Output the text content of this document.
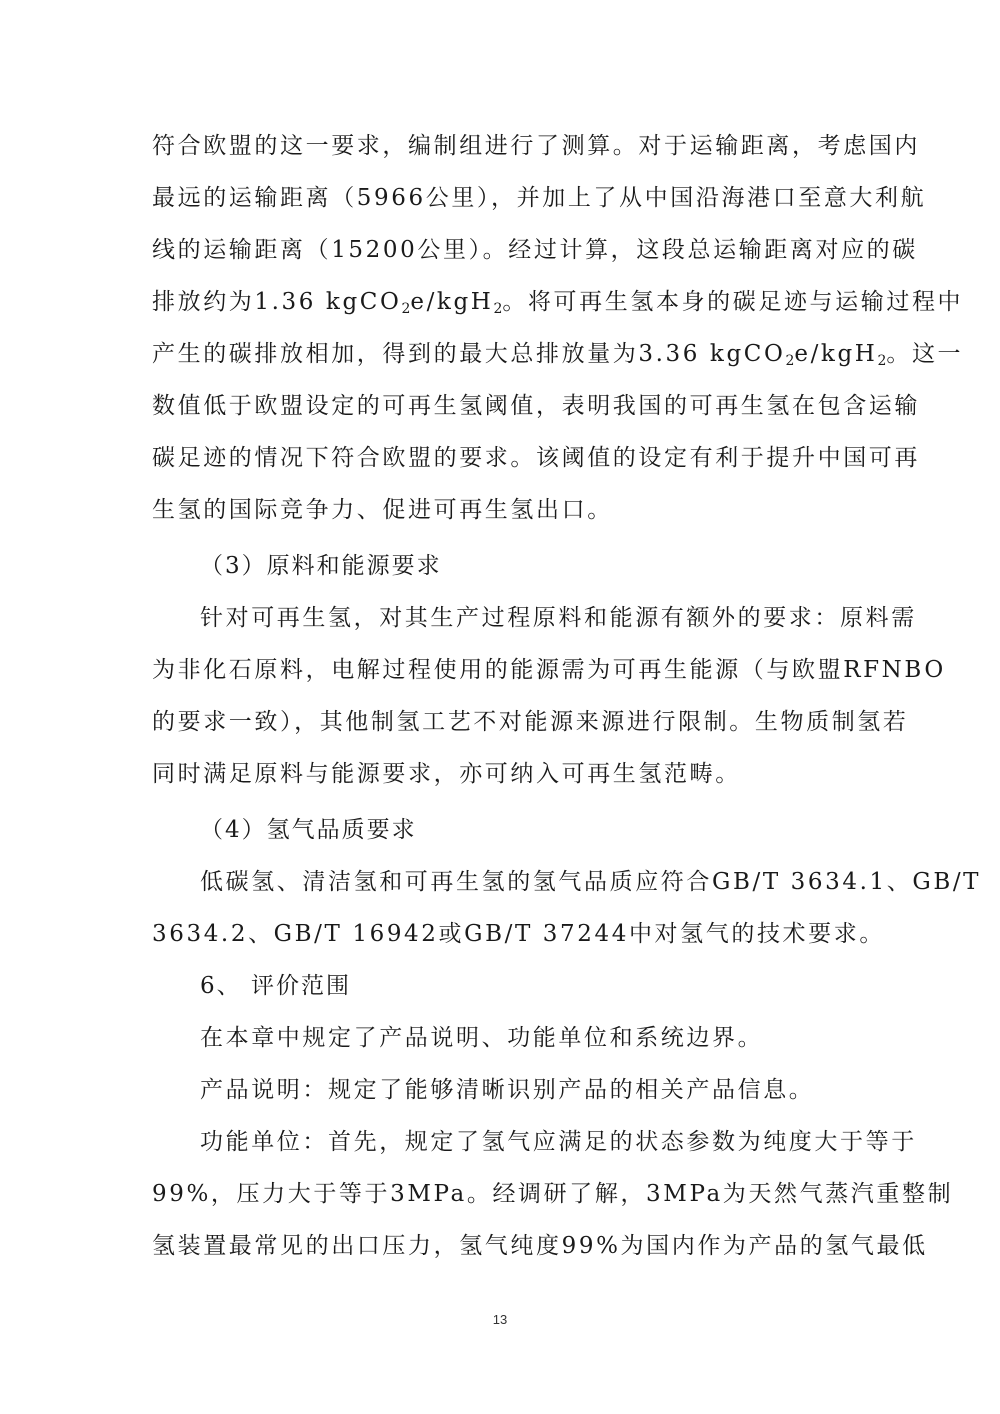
符合欧盟的这一要求，编制组进行了测算。对于运输距离，考虑国内
最远的运输距离（5966公里），并加上了从中国沿海港口至意大利航
线的运输距离（15200公里）。经过计算，这段总运输距离对应的碳
排放约为1.36 kgCO$_2$e/kgH$_2$。将可再生氢本身的碳足迹与运输过程中
产生的碳排放相加，得到的最大总排放量为3.36 kgCO$_2$e/kgH$_2$。这一
数值低于欧盟设定的可再生氢阈值，表明我国的可再生氢在包含运输
碳足迹的情况下符合欧盟的要求。该阈值的设定有利于提升中国可再
生氢的国际竞争力、促进可再生氢出口。
（3）原料和能源要求
针对可再生氢，对其生产过程原料和能源有额外的要求：原料需
为非化石原料，电解过程使用的能源需为可再生能源（与欧盟RFNBO
的要求一致），其他制氢工艺不对能源来源进行限制。生物质制氢若
同时满足原料与能源要求，亦可纳入可再生氢范畴。
（4）氢气品质要求
低碳氢、清洁氢和可再生氢的氢气品质应符合GB/T 3634.1、GB/T
3634.2、GB/T 16942或GB/T 37244中对氢气的技术要求。
6、 评价范围
在本章中规定了产品说明、功能单位和系统边界。
产品说明：规定了能够清晰识别产品的相关产品信息。
功能单位：首先，规定了氢气应满足的状态参数为纯度大于等于
99%，压力大于等于3MPa。经调研了解，3MPa为天然气蒸汽重整制
氢装置最常见的出口压力，氢气纯度99%为国内作为产品的氢气最低
13
